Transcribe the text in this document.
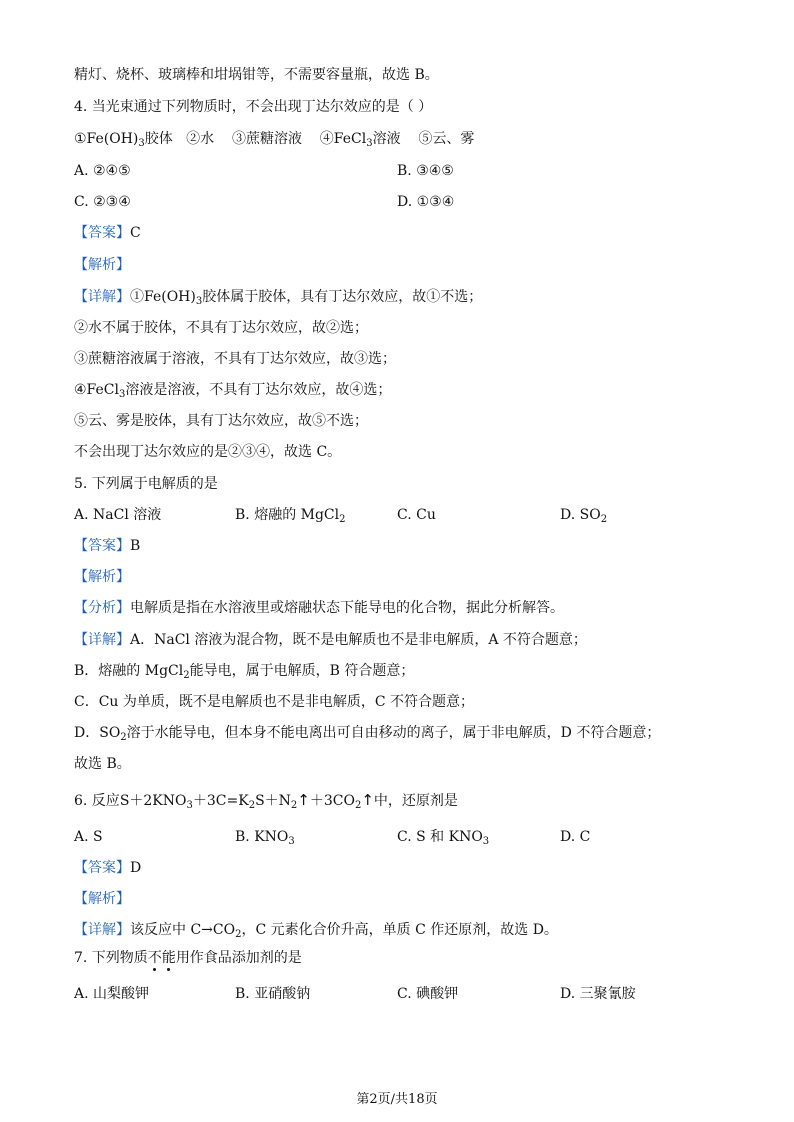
精灯、烧杯、玻璃棒和坩埚钳等，不需要容量瓶，故选 B。
4. 当光束通过下列物质时，不会出现丁达尔效应的是（ ）
$①Fe(OH)_3$胶体 ②水 ③蔗糖溶液 ④FeCl$_3$溶液 ⑤云、雾
A. ②④⑤	B. ③④⑤
C. ②③④	D. ①③④
【答案】C
【解析】
【详解】$①Fe(OH)_3$胶体属于胶体，具有丁达尔效应，故①不选；
②水不属于胶体，不具有丁达尔效应，故②选；
③蔗糖溶液属于溶液，不具有丁达尔效应，故③选；
④FeCl$_3$溶液是溶液，不具有丁达尔效应，故④选；
⑤云、雾是胶体，具有丁达尔效应，故⑤不选；
不会出现丁达尔效应的是②③④，故选 C。
5. 下列属于电解质的是
A. NaCl 溶液	B. 熔融的 MgCl$_2$	C. Cu	D. $SO_2$
【答案】B
【解析】
【分析】电解质是指在水溶液里或熔融状态下能导电的化合物，据此分析解答。
【详解】A．NaCl 溶液为混合物，既不是电解质也不是非电解质，A 不符合题意；
B．熔融的 MgCl$_2$能导电，属于电解质，B 符合题意；
C．Cu 为单质，既不是电解质也不是非电解质，C 不符合题意；
D．$SO_2$溶于水能导电，但本身不能电离出可自由移动的离子，属于非电解质，D 不符合题意；
故选 B。
6. 反应$S+2KNO_3+3C=K_2S+N_2↑+3CO_2↑$中，还原剂是
A. S	B. $KNO_3$	C. S 和 $KNO_3$	D. C
【答案】D
【解析】
【详解】该反应中 $C\to CO_2$，C 元素化合价升高，单质 C 作还原剂，故选 D。
7. 下列物质不能用作食品添加剂的是
A. 山梨酸钾	B. 亚硝酸钠	C. 碘酸钾	D. 三聚氰胺
第2页/共18页
